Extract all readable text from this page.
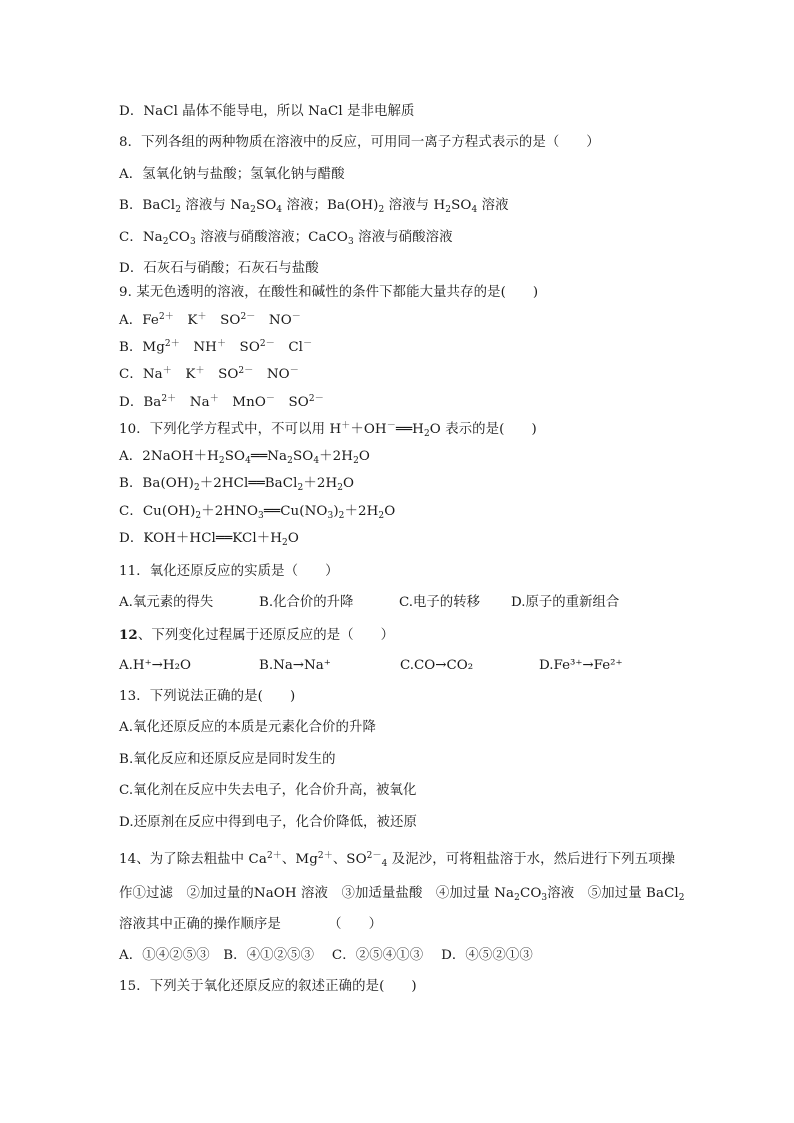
D．NaCl 晶体不能导电，所以 NaCl 是非电解质
8．下列各组的两种物质在溶液中的反应，可用同一离子方程式表示的是（　　）
A．氢氧化钠与盐酸；氢氧化钠与醋酸
B．BaCl$_2$ 溶液与 $Na_2SO_4$ 溶液；$Ba(OH)_2$ 溶液与 $H_2SO_4$ 溶液
C．$Na_2CO_3$ 溶液与硝酸溶液；CaCO$_3$ 溶液与硝酸溶液
D．石灰石与硝酸；石灰石与盐酸
9. 某无色透明的溶液，在酸性和碱性的条件下都能大量共存的是(　　)
A．$Fe^{2+}$　K＋　$SO^{2-}$　NO－
B．$Mg^{2+}$　NH＋　$SO^{2-}$　Cl－
C．Na＋　K＋　$SO^{2-}$　NO－
D．$Ba^{2+}$　Na＋　MnO－　$SO^{2-}$
10．下列化学方程式中，不可以用 $H^++OH^-══H_2O$ 表示的是(　　)
A．$2NaOH+H_2SO_4══Na_2SO_4+2H_2O$
B．$Ba(OH)_2+2HCl══BaCl_2+2H_2O$
C．$Cu(OH)_2+2HNO_3══Cu(NO_3)_2+2H_2O$
D．$KOH+HCl══KCl+H_2O$
11．氧化还原反应的实质是（　　）
12、下列变化过程属于还原反应的是（　　）
13．下列说法正确的是(　　)
A.氧化还原反应的本质是元素化合价的升降
B.氧化反应和还原反应是同时发生的
C.氧化剂在反应中失去电子，化合价升高，被氧化
D.还原剂在反应中得到电子，化合价降低，被还原
14、为了除去粗盐中 $Ca^{2+}$、$Mg^{2+}$、$SO^{2-}_4$ 及泥沙，可将粗盐溶于水，然后进行下列五项操
作①过滤　②加过量的NaOH 溶液　③加适量盐酸　④加过量 $Na_2CO_3$溶液　⑤加过量 BaCl$_2$
溶液其中正确的操作顺序是　　　　（　　）
A．①④②⑤③　B．④①②⑤③　 C．②⑤④①③　 D．④⑤②①③
15．下列关于氧化还原反应的叙述正确的是(　　)
A.氧元素的得失	B.化合价的升降	C.电子的转移 D.原子的重新组合
A.H⁺→H₂O	B.Na→Na⁺	C.CO→CO₂	D.Fe³⁺→Fe²⁺
